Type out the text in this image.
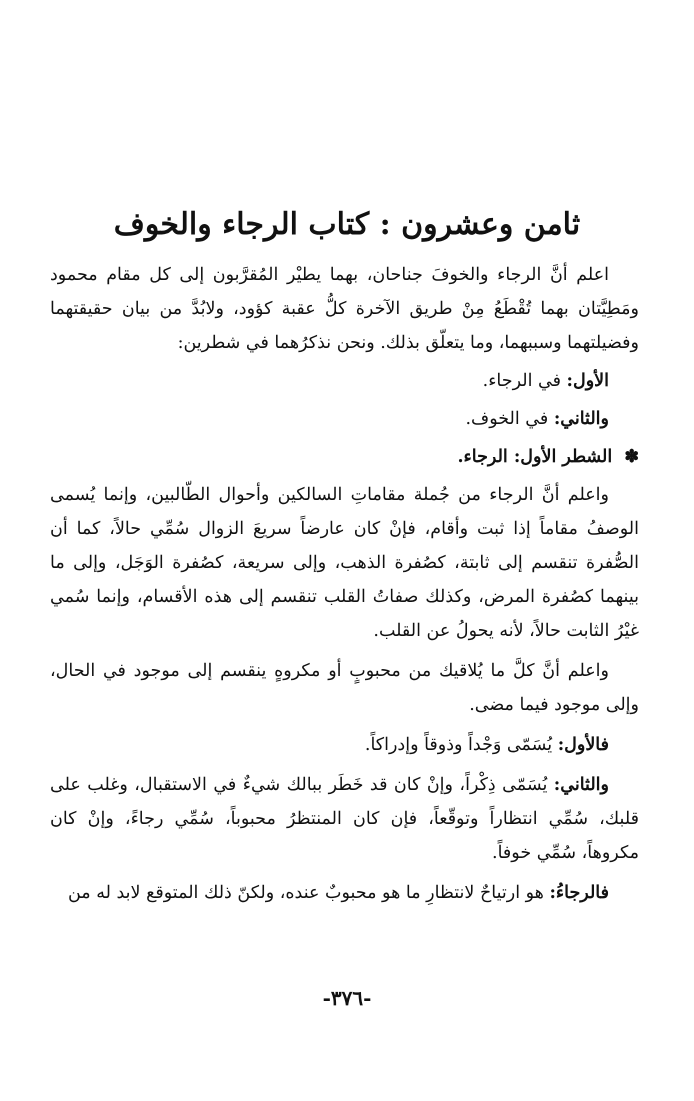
ثامن وعشرون : كتاب الرجاء والخوف

اعلم أنَّ الرجاء والخوفَ جناحان، بهما يطيْر المُقرَّبون إلى كل مقام محمود ومَطِيَّتان بهما تُقْطَعُ مِنْ طريق الآخرة كلُّ عقبة كؤود، ولابُدَّ من بيان حقيقتهما وفضيلتهما وسببهما، وما يتعلّق بذلك. ونحن نذكرُهما في شطرين:

الأول: في الرجاء.

والثاني: في الخوف.

✽ الشطر الأول: الرجاء.

واعلم أنَّ الرجاء من جُملة مقاماتِ السالكين وأحوال الطّالبين، وإنما يُسمى الوصفُ مقاماً إذا ثبت وأقام، فإنْ كان عارضاً سريعَ الزوال سُمِّي حالاً، كما أن الصُّفرة تنقسم إلى ثابتة، كصُفرة الذهب، وإلى سريعة، كصُفرة الوَجَل، وإلى ما بينهما كصُفرة المرض، وكذلك صفاتُ القلب تنقسم إلى هذه الأقسام، وإنما سُمي غيْرُ الثابت حالاً، لأنه يحولُ عن القلب.

واعلم أنَّ كلَّ ما يُلاقيك من محبوبٍ أو مكروهٍ ينقسم إلى موجود في الحال، وإلى موجود فيما مضى.

فالأول: يُسَمّى وَجْداً وذوقاً وإدراكاً.

والثاني: يُسَمّى ذِكْراً، وإنْ كان قد خَطَر ببالك شيءٌ في الاستقبال، وغلب على قلبك، سُمِّي انتظاراً وتوقّعاً، فإن كان المنتظرُ محبوباً، سُمِّي رجاءً، وإنْ كان مكروهاً، سُمِّي خوفاً.

فالرجاءُ: هو ارتياحٌ لانتظارِ ما هو محبوبٌ عنده، ولكنّ ذلك المتوقع لابد له من

-٣٧٦-
